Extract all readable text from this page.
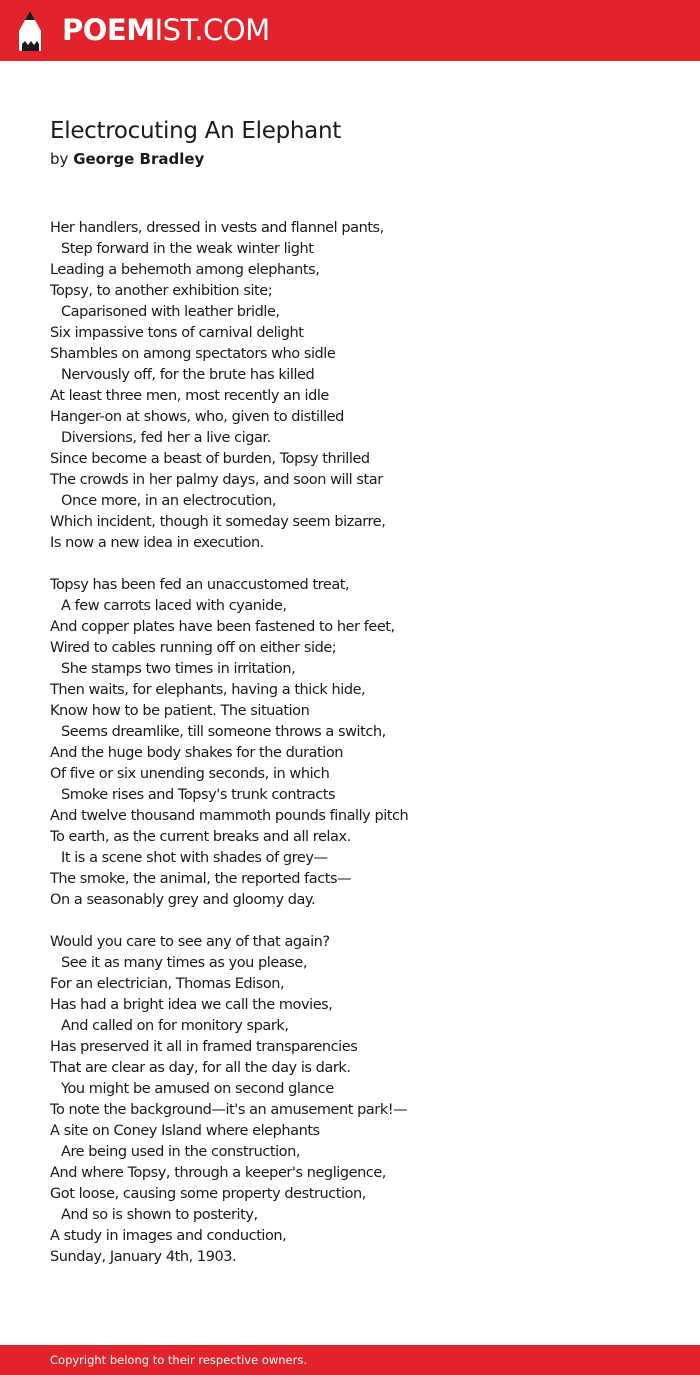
POEMIST.COM
Electrocuting An Elephant
by George Bradley
Her handlers, dressed in vests and flannel pants,
Step forward in the weak winter light
Leading a behemoth among elephants,
Topsy, to another exhibition site;
Caparisoned with leather bridle,
Six impassive tons of carnival delight
Shambles on among spectators who sidle
Nervously off, for the brute has killed
At least three men, most recently an idle
Hanger-on at shows, who, given to distilled
Diversions, fed her a live cigar.
Since become a beast of burden, Topsy thrilled
The crowds in her palmy days, and soon will star
Once more, in an electrocution,
Which incident, though it someday seem bizarre,
Is now a new idea in execution.
Topsy has been fed an unaccustomed treat,
A few carrots laced with cyanide,
And copper plates have been fastened to her feet,
Wired to cables running off on either side;
She stamps two times in irritation,
Then waits, for elephants, having a thick hide,
Know how to be patient. The situation
Seems dreamlike, till someone throws a switch,
And the huge body shakes for the duration
Of five or six unending seconds, in which
Smoke rises and Topsy's trunk contracts
And twelve thousand mammoth pounds finally pitch
To earth, as the current breaks and all relax.
It is a scene shot with shades of grey—
The smoke, the animal, the reported facts—
On a seasonably grey and gloomy day.
Would you care to see any of that again?
See it as many times as you please,
For an electrician, Thomas Edison,
Has had a bright idea we call the movies,
And called on for monitory spark,
Has preserved it all in framed transparencies
That are clear as day, for all the day is dark.
You might be amused on second glance
To note the background—it's an amusement park!—
A site on Coney Island where elephants
Are being used in the construction,
And where Topsy, through a keeper's negligence,
Got loose, causing some property destruction,
And so is shown to posterity,
A study in images and conduction,
Sunday, January 4th, 1903.
Copyright belong to their respective owners.
